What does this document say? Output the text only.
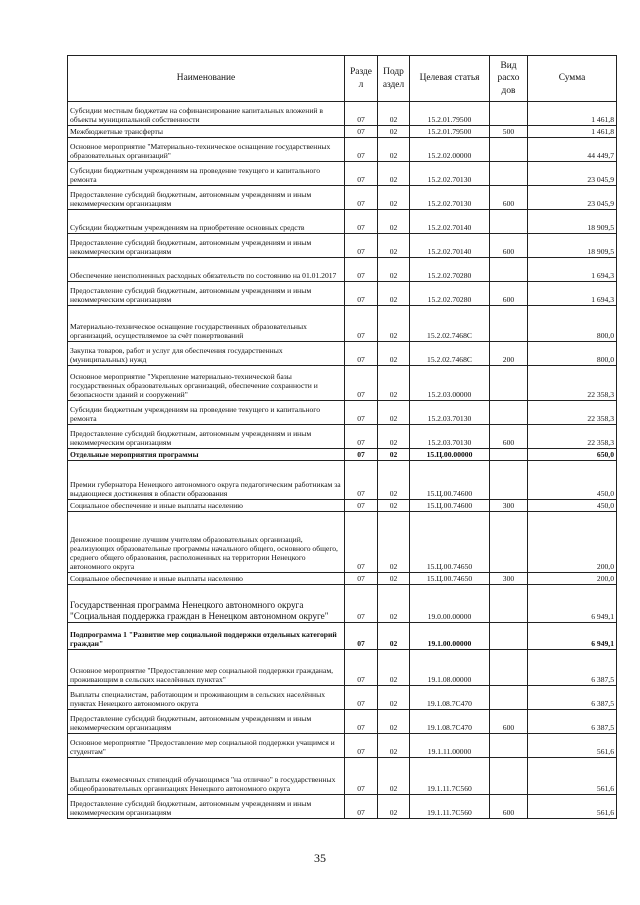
Наименование	Разде л	Подр аздел	Целевая статья	Вид расхо дов	Сумма
Субсидии местным бюджетам на софинансирование капитальных вложений в объекты муниципальной собственности	07	02	15.2.01.79500		1 461,8
Межбюджетные трансферты	07	02	15.2.01.79500	500	1 461,8
Основное мероприятие "Материально-техническое оснащение государственных образовательных организаций"	07	02	15.2.02.00000		44 449,7
Субсидии бюджетным учреждениям на проведение текущего и капитального ремонта	07	02	15.2.02.70130		23 045,9
Предоставление субсидий бюджетным, автономным учреждениям и иным некоммерческим организациям	07	02	15.2.02.70130	600	23 045,9
Субсидии бюджетным учреждениям на приобретение основных средств	07	02	15.2.02.70140		18 909,5
Предоставление субсидий бюджетным, автономным учреждениям и иным некоммерческим организациям	07	02	15.2.02.70140	600	18 909,5
Обеспечение неисполненных расходных обязательств по состоянию на 01.01.2017	07	02	15.2.02.70280		1 694,3
Предоставление субсидий бюджетным, автономным учреждениям и иным некоммерческим организациям	07	02	15.2.02.70280	600	1 694,3
Материально-техническое оснащение государственных образовательных организаций, осуществляемое за счёт пожертвований	07	02	15.2.02.7468С		800,0
Закупка товаров, работ и услуг для обеспечения государственных (муниципальных) нужд	07	02	15.2.02.7468С	200	800,0
Основное мероприятие "Укрепление материально-технической базы государственных образовательных организаций, обеспечение сохранности и безопасности зданий и сооружений"	07	02	15.2.03.00000		22 358,3
Субсидии бюджетным учреждениям на проведение текущего и капитального ремонта	07	02	15.2.03.70130		22 358,3
Предоставление субсидий бюджетным, автономным учреждениям и иным некоммерческим организациям	07	02	15.2.03.70130	600	22 358,3
Отдельные мероприятия программы	07	02	15.Ц.00.00000		650,0
Премии губернатора Ненецкого автономного округа педагогическим работникам за выдающиеся достижения в области образования	07	02	15.Ц.00.74600		450,0
Социальное обеспечение и иные выплаты населению	07	02	15.Ц.00.74600	300	450,0
Денежное поощрение лучшим учителям образовательных организаций, реализующих образовательные программы начального общего, основного общего, среднего общего образования, расположенных на территории Ненецкого автономного округа	07	02	15.Ц.00.74650		200,0
Социальное обеспечение и иные выплаты населению	07	02	15.Ц.00.74650	300	200,0
Государственная программа Ненецкого автономного округа "Социальная поддержка граждан в Ненецком автономном округе"	07	02	19.0.00.00000		6 949,1
Подпрограмма 1 "Развитие мер социальной поддержки отдельных категорий граждан"	07	02	19.1.00.00000		6 949,1
Основное мероприятие "Предоставление мер социальной поддержки гражданам, проживающим в сельских населённых пунктах"	07	02	19.1.08.00000		6 387,5
Выплаты специалистам, работающим и проживающим в сельских населённых пунктах Ненецкого автономного округа	07	02	19.1.08.7С470		6 387,5
Предоставление субсидий бюджетным, автономным учреждениям и иным некоммерческим организациям	07	02	19.1.08.7С470	600	6 387,5
Основное мероприятие "Предоставление мер социальной поддержки учащимся и студентам"	07	02	19.1.11.00000		561,6
Выплаты ежемесячных стипендий обучающимся "на отлично" в государственных общеобразовательных организациях Ненецкого автономного округа	07	02	19.1.11.7С560		561,6
Предоставление субсидий бюджетным, автономным учреждениям и иным некоммерческим организациям	07	02	19.1.11.7С560	600	561,6
35
